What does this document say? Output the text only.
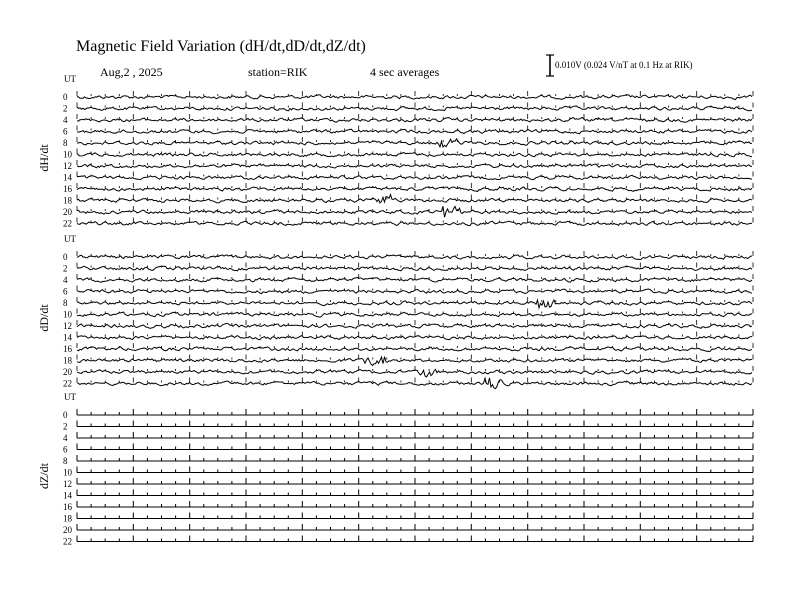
Magnetic Field Variation (dH/dt,dD/dt,dZ/dt)
Aug,2 , 2025	station=RIK	4 sec averages	0.010V (0.024 V/nT at 0.1 Hz at RIK)
UT
dH/dt
0
2
4
6
8
10
12
14
16
18
20
22
UT
dD/dt
0
2
4
6
8
10
12
14
16
18
20
22
UT
dZ/dt
0
2
4
6
8
10
12
14
16
18
20
22
